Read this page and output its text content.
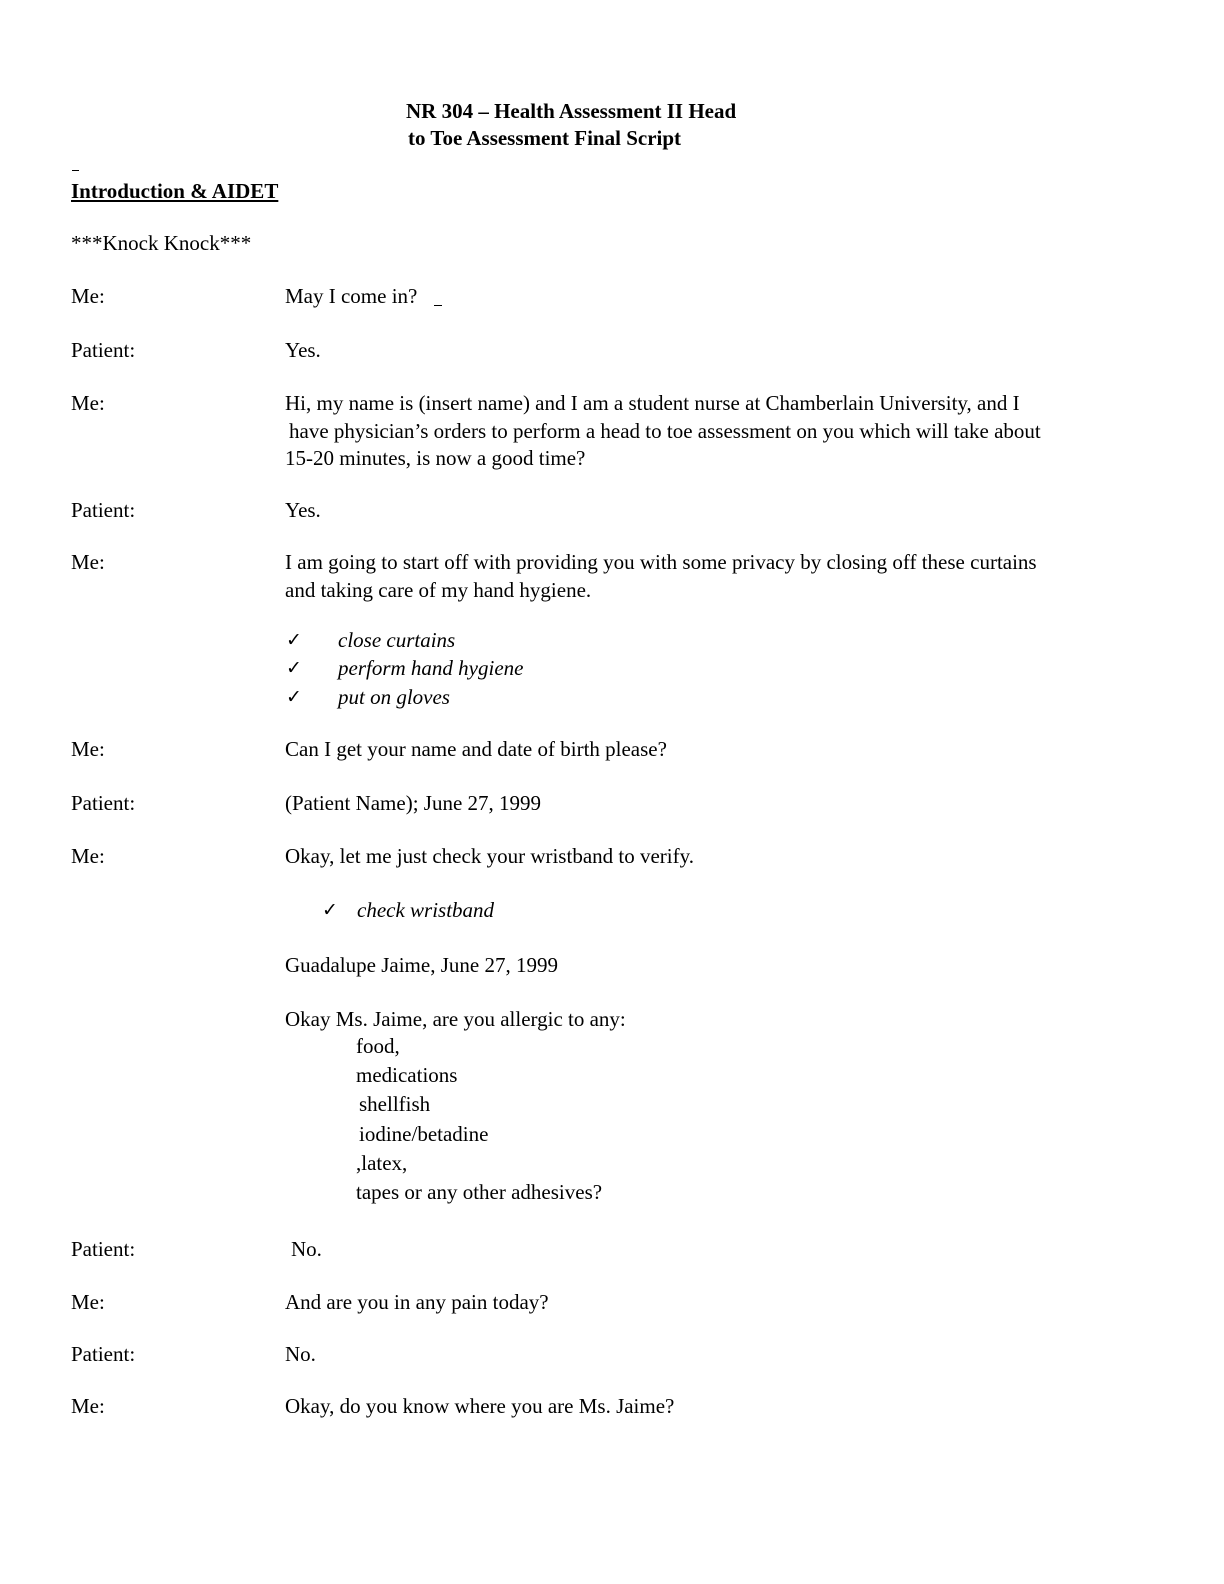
NR 304 – Health Assessment II Head
to Toe Assessment Final Script
Introduction & AIDET
***Knock Knock***
Me:	May I come in?
Patient:	Yes.
Me:	Hi, my name is (insert name) and I am a student nurse at Chamberlain University, and I
have physician’s orders to perform a head to toe assessment on you which will take about
15-20 minutes, is now a good time?
Patient:	Yes.
Me:	I am going to start off with providing you with some privacy by closing off these curtains
and taking care of my hand hygiene.
✓ close curtains
✓ perform hand hygiene
✓ put on gloves
Me:	Can I get your name and date of birth please?
Patient:	(Patient Name); June 27, 1999
Me:	Okay, let me just check your wristband to verify.
✓ check wristband
Guadalupe Jaime, June 27, 1999
Okay Ms. Jaime, are you allergic to any:
food,
medications
shellfish
iodine/betadine
,latex,
tapes or any other adhesives?
Patient:	No.
Me:	And are you in any pain today?
Patient:	No.
Me:	Okay, do you know where you are Ms. Jaime?
